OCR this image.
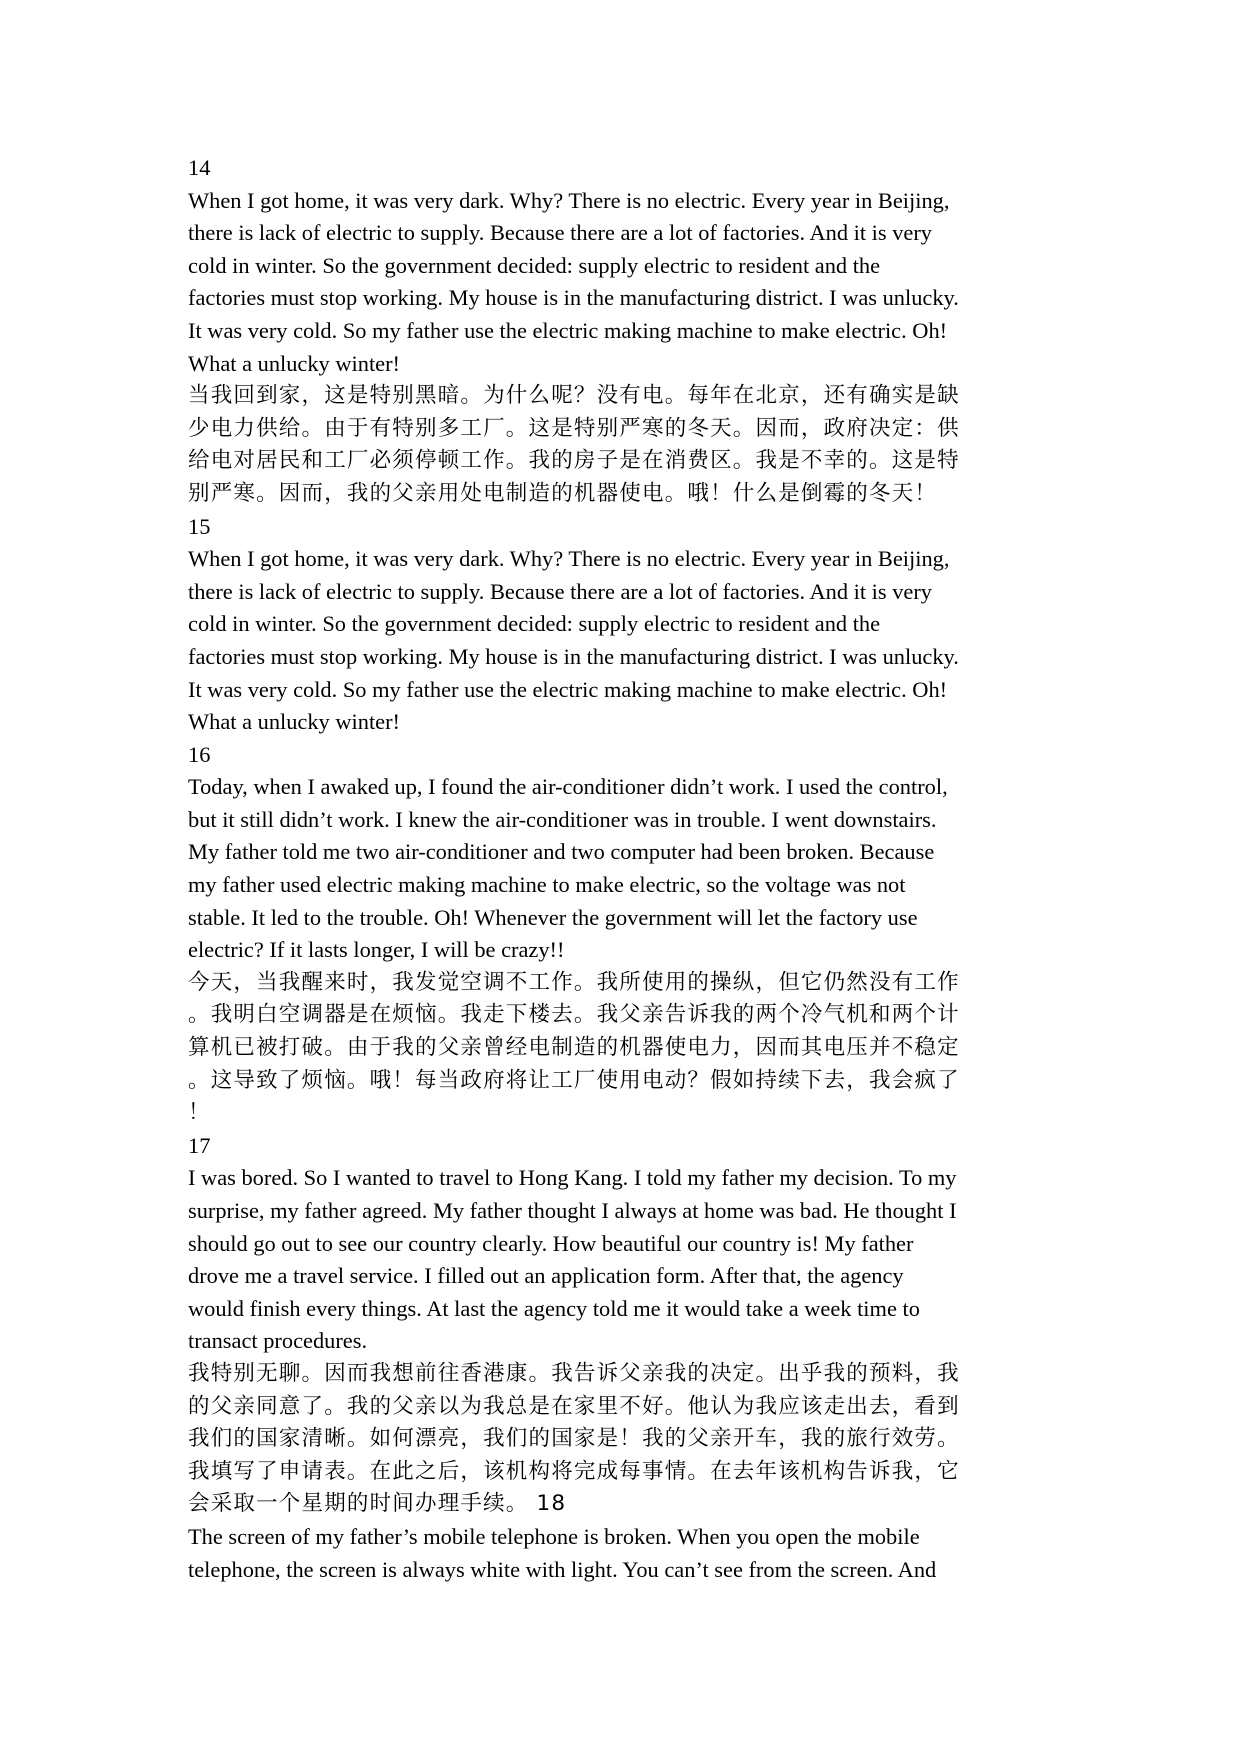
14
When I got home, it was very dark. Why? There is no electric. Every year in Beijing,
there is lack of electric to supply. Because there are a lot of factories. And it is very
cold in winter. So the government decided: supply electric to resident and the
factories must stop working. My house is in the manufacturing district. I was unlucky.
It was very cold. So my father use the electric making machine to make electric. Oh!
What a unlucky winter!
当我回到家，这是特别黑暗。为什么呢？没有电。每年在北京，还有确实是缺
少电力供给。由于有特别多工厂。这是特别严寒的冬天。因而，政府决定：供
给电对居民和工厂必须停顿工作。我的房子是在消费区。我是不幸的。这是特
别严寒。因而，我的父亲用处电制造的机器使电。哦！什么是倒霉的冬天！
15
When I got home, it was very dark. Why? There is no electric. Every year in Beijing,
there is lack of electric to supply. Because there are a lot of factories. And it is very
cold in winter. So the government decided: supply electric to resident and the
factories must stop working. My house is in the manufacturing district. I was unlucky.
It was very cold. So my father use the electric making machine to make electric. Oh!
What a unlucky winter!
16
Today, when I awaked up, I found the air-conditioner didn’t work. I used the control,
but it still didn’t work. I knew the air-conditioner was in trouble. I went downstairs.
My father told me two air-conditioner and two computer had been broken. Because
my father used electric making machine to make electric, so the voltage was not
stable. It led to the trouble. Oh! Whenever the government will let the factory use
electric? If it lasts longer, I will be crazy!!
今天，当我醒来时，我发觉空调不工作。我所使用的操纵，但它仍然没有工作
。我明白空调器是在烦恼。我走下楼去。我父亲告诉我的两个冷气机和两个计
算机已被打破。由于我的父亲曾经电制造的机器使电力，因而其电压并不稳定
。这导致了烦恼。哦！每当政府将让工厂使用电动？假如持续下去，我会疯了
！
17
I was bored. So I wanted to travel to Hong Kang. I told my father my decision. To my
surprise, my father agreed. My father thought I always at home was bad. He thought I
should go out to see our country clearly. How beautiful our country is! My father
drove me a travel service. I filled out an application form. After that, the agency
would finish every things. At last the agency told me it would take a week time to
transact procedures.
我特别无聊。因而我想前往香港康。我告诉父亲我的决定。出乎我的预料，我
的父亲同意了。我的父亲以为我总是在家里不好。他认为我应该走出去，看到
我们的国家清晰。如何漂亮，我们的国家是！我的父亲开车，我的旅行效劳。
我填写了申请表。在此之后，该机构将完成每事情。在去年该机构告诉我，它
会采取一个星期的时间办理手续。 18
The screen of my father’s mobile telephone is broken. When you open the mobile
telephone, the screen is always white with light. You can’t see from the screen. And
